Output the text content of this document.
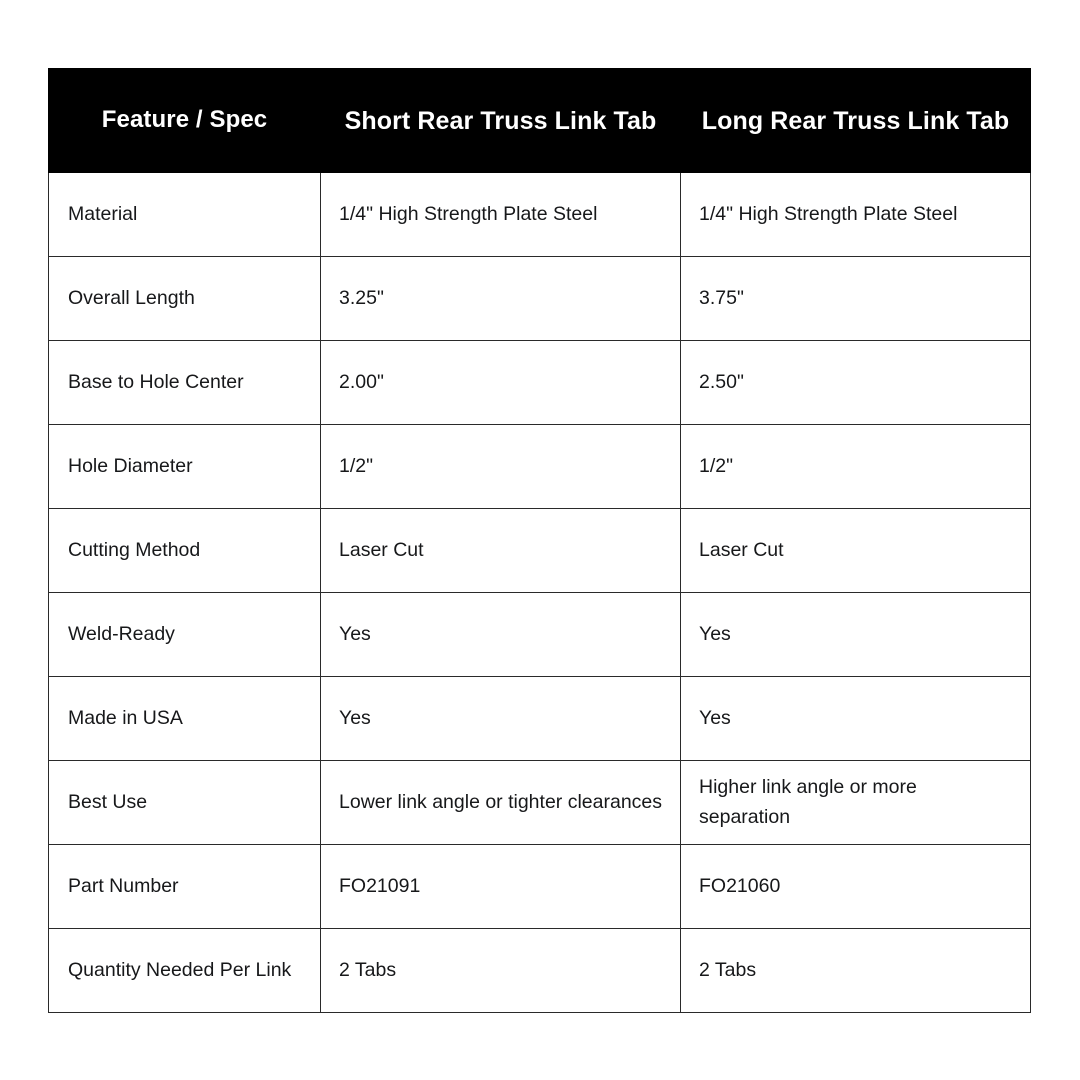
Feature / Spec	Short Rear Truss Link Tab	Long Rear Truss Link Tab
Material	1/4" High Strength Plate Steel	1/4" High Strength Plate Steel
Overall Length	3.25"	3.75"
Base to Hole Center	2.00"	2.50"
Hole Diameter	1/2"	1/2"
Cutting Method	Laser Cut	Laser Cut
Weld-Ready	Yes	Yes
Made in USA	Yes	Yes
Best Use	Lower link angle or tighter clearances	Higher link angle or more separation
Part Number	FO21091	FO21060
Quantity Needed Per Link	2 Tabs	2 Tabs
